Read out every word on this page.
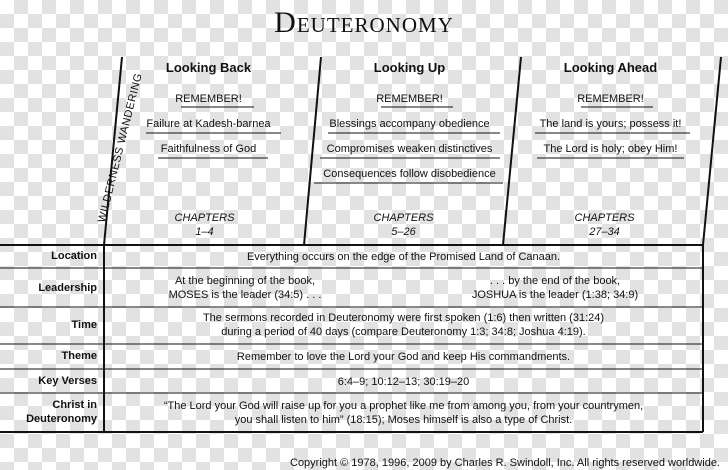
Deuteronomy
WILDERNESS WANDERING
Looking Back
REMEMBER!
Failure at Kadesh-barnea
Faithfulness of God
CHAPTERS
1–4
Looking Up
REMEMBER!
Blessings accompany obedience
Compromises weaken distinctives
Consequences follow disobedience
CHAPTERS
5–26
Looking Ahead
REMEMBER!
The land is yours; possess it!
The Lord is holy; obey Him!
CHAPTERS
27–34
Location
Leadership
Time
Theme
Key Verses
Christ in
Deuteronomy
Everything occurs on the edge of the Promised Land of Canaan.
At the beginning of the book,
MOSES is the leader (34:5) . . .
. . . by the end of the book,
JOSHUA is the leader (1:38; 34:9)
The sermons recorded in Deuteronomy were first spoken (1:6) then written (31:24)
during a period of 40 days (compare Deuteronomy 1:3; 34:8; Joshua 4:19).
Remember to love the Lord your God and keep His commandments.
6:4–9; 10:12–13; 30:19–20
“The Lord your God will raise up for you a prophet like me from among you, from your countrymen,
you shall listen to him” (18:15); Moses himself is also a type of Christ.
Copyright © 1978, 1996, 2009 by Charles R. Swindoll, Inc. All rights reserved worldwide.
